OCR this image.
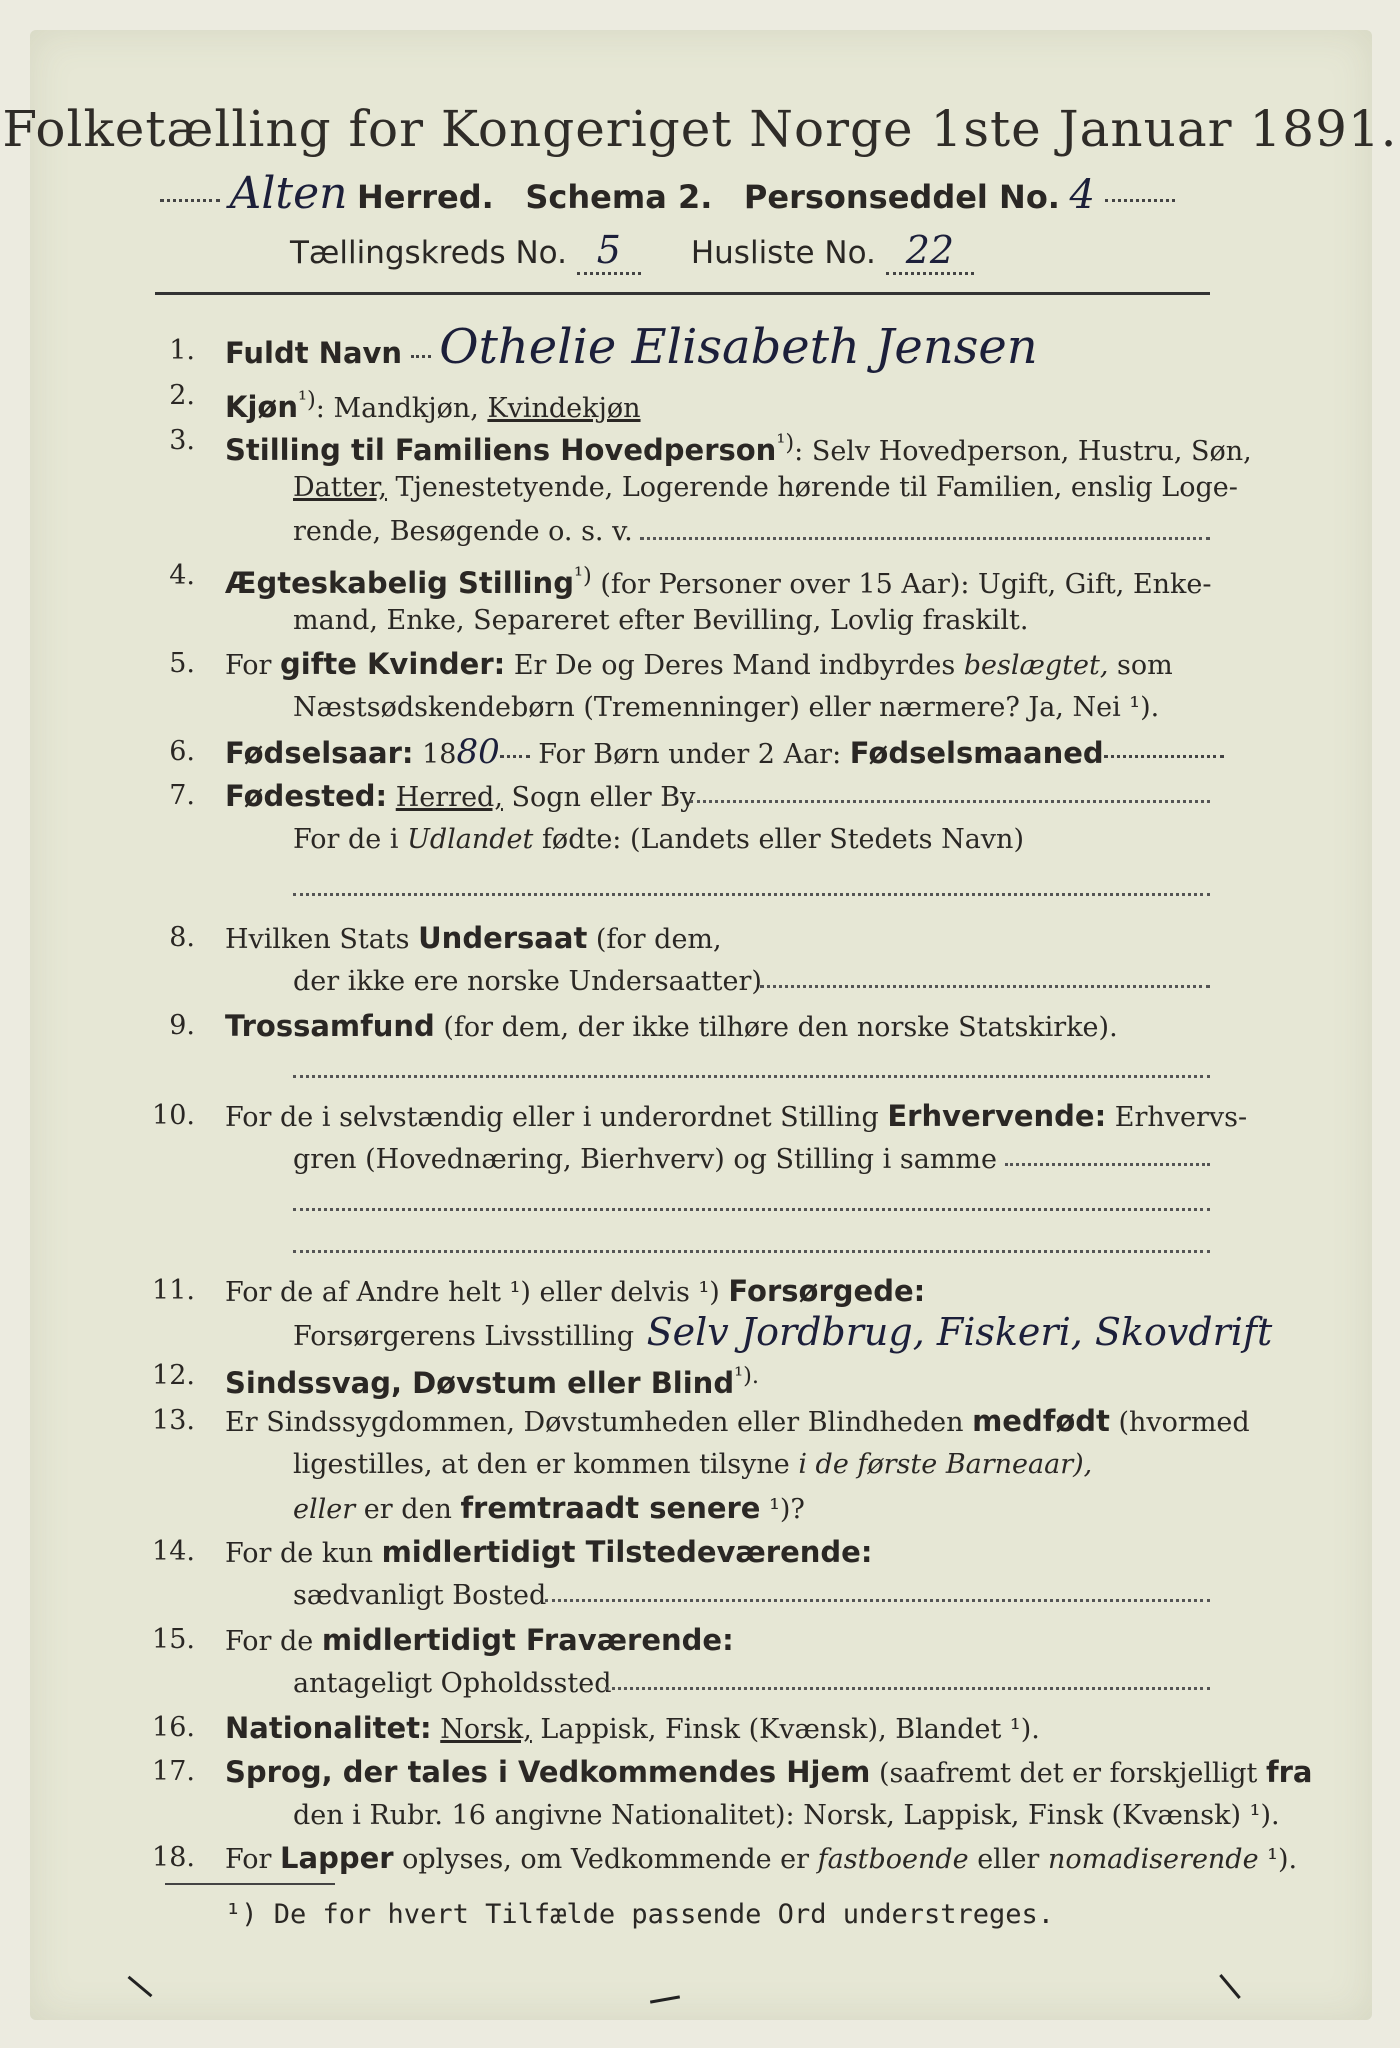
Folketælling for Kongeriget Norge 1ste Januar 1891.
Alten Herred. Schema 2. Personseddel No. 4
Tællingskreds No. 5 Husliste No. 22
1. Fuldt Navn Othelie Elisabeth Jensen
2. Kjøn$^{^1)}$: Mandkjøn, Kvindekjøn
3. Stilling til Familiens Hovedperson$^{^1)}$: Selv Hovedperson, Hustru, Søn,
Datter, Tjenestetyende, Logerende hørende til Familien, enslig Loge-
rende, Besøgende o. s. v.
4. Ægteskabelig Stilling$^{^1)}$ (for Personer over 15 Aar): Ugift, Gift, Enke-
mand, Enke, Separeret efter Bevilling, Lovlig fraskilt.
5. For gifte Kvinder: Er De og Deres Mand indbyrdes beslægtet, som
Næstsødskendebørn (Tremenninger) eller nærmere? Ja, Nei ¹).
6. Fødselsaar: 1880 For Børn under 2 Aar: Fødselsmaaned
7. Fødested: Herred, Sogn eller By
For de i Udlandet fødte: (Landets eller Stedets Navn)
8. Hvilken Stats Undersaat (for dem,
der ikke ere norske Undersaatter)
9. Trossamfund (for dem, der ikke tilhøre den norske Statskirke).
10. For de i selvstændig eller i underordnet Stilling Erhvervende: Erhvervs-
gren (Hovednæring, Bierhverv) og Stilling i samme
11. For de af Andre helt ¹) eller delvis ¹) Forsørgede:
Forsørgerens Livsstilling Selv Jordbrug, Fiskeri, Skovdrift
12. Sindssvag, Døvstum eller Blind$^{^1).}$
13. Er Sindssygdommen, Døvstumheden eller Blindheden medfødt (hvormed
ligestilles, at den er kommen tilsyne i de første Barneaar),
eller er den fremtraadt senere ¹)?
14. For de kun midlertidigt Tilstedeværende:
sædvanligt Bosted
15. For de midlertidigt Fraværende:
antageligt Opholdssted
16. Nationalitet: Norsk, Lappisk, Finsk (Kvænsk), Blandet ¹).
17. Sprog, der tales i Vedkommendes Hjem (saafremt det er forskjelligt fra
den i Rubr. 16 angivne Nationalitet): Norsk, Lappisk, Finsk (Kvænsk) ¹).
18. For Lapper oplyses, om Vedkommende er fastboende eller nomadiserende ¹).
¹) De for hvert Tilfælde passende Ord understreges.
